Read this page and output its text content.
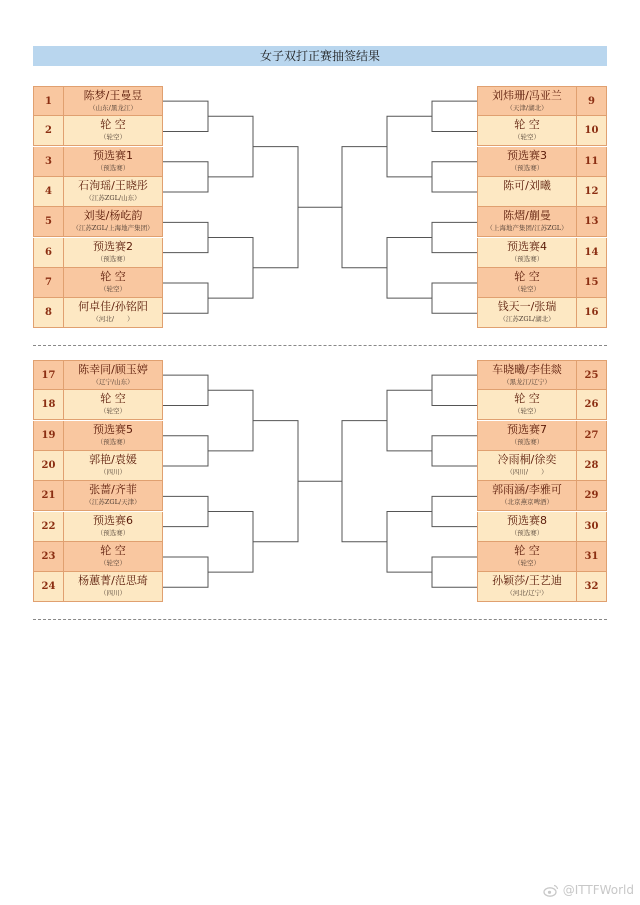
女子双打正赛抽签结果
1	陈梦/王曼昱
（山东/黑龙江）
2	轮 空
（轮空）
3	预选赛1
（预选赛）
4	石洵瑶/王晓彤
（江苏ZGL/山东）
5	刘斐/杨屹韵
（江苏ZGL/上海地产集团）
6	预选赛2
（预选赛）
7	轮 空
（轮空）
8	何卓佳/孙铭阳
（河北/　　）
9
刘炜珊/冯亚兰
（天津/湖北）
10
轮 空
（轮空）
11
预选赛3
（预选赛）
12
陈可/刘曦
13
陈熠/蒯曼
（上海地产集团/江苏ZGL）
14
预选赛4
（预选赛）
15
轮 空
（轮空）
16
钱天一/张瑞
（江苏ZGL/湖北）
17	陈幸同/顾玉婷
（辽宁/山东）
18	轮 空
（轮空）
19	预选赛5
（预选赛）
20	郭艳/袁媛
（四川）
21	张蔷/齐菲
（江苏ZGL/天津）
22	预选赛6
（预选赛）
23	轮 空
（轮空）
24	杨蕙菁/范思琦
（四川）
25
车晓曦/李佳燚
（黑龙江/辽宁）
26
轮 空
（轮空）
27
预选赛7
（预选赛）
28
冷雨桐/徐奕
（四川/　　）
29
郭雨涵/李雅可
（北京燕京啤酒）
30
预选赛8
（预选赛）
31
轮 空
（轮空）
32
孙颖莎/王艺迪
（河北/辽宁）
@ITTFWorld
